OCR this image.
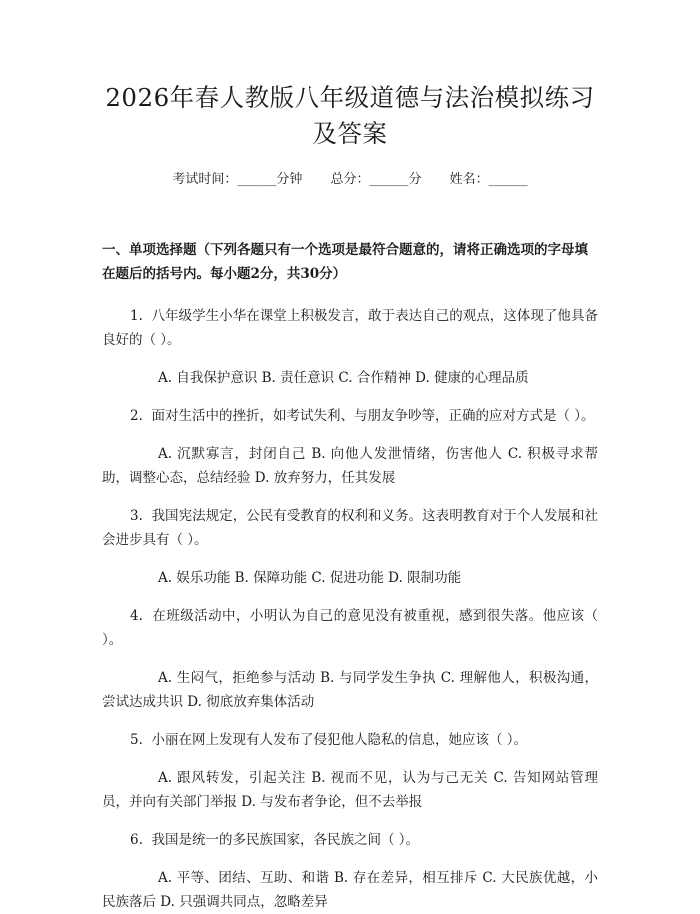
2026年春人教版八年级道德与法治模拟练习及答案
考试时间：______分钟 总分：______分 姓名：______
一、单项选择题（下列各题只有一个选项是最符合题意的，请将正确选项的字母填在题后的括号内。每小题2分，共30分）

1.  八年级学生小华在课堂上积极发言，敢于表达自己的观点，这体现了他具备良好的（ ）。

A. 自我保护意识 B. 责任意识 C. 合作精神 D. 健康的心理品质

2.  面对生活中的挫折，如考试失利、与朋友争吵等，正确的应对方式是（ ）。

A. 沉默寡言，封闭自己 B. 向他人发泄情绪，伤害他人 C. 积极寻求帮助，调整心态，总结经验 D. 放弃努力，任其发展

3.  我国宪法规定，公民有受教育的权利和义务。这表明教育对于个人发展和社会进步具有（ ）。

A. 娱乐功能 B. 保障功能 C. 促进功能 D. 限制功能

4.  在班级活动中，小明认为自己的意见没有被重视，感到很失落。他应该（ ）。

A. 生闷气，拒绝参与活动 B. 与同学发生争执 C. 理解他人，积极沟通，尝试达成共识 D. 彻底放弃集体活动

5.  小丽在网上发现有人发布了侵犯他人隐私的信息，她应该（ ）。

A. 跟风转发，引起关注 B. 视而不见，认为与己无关 C. 告知网站管理员，并向有关部门举报 D. 与发布者争论，但不去举报

6.  我国是统一的多民族国家，各民族之间（ ）。

A. 平等、团结、互助、和谐 B. 存在差异，相互排斥 C. 大民族优越，小民族落后 D. 只强调共同点，忽略差异
